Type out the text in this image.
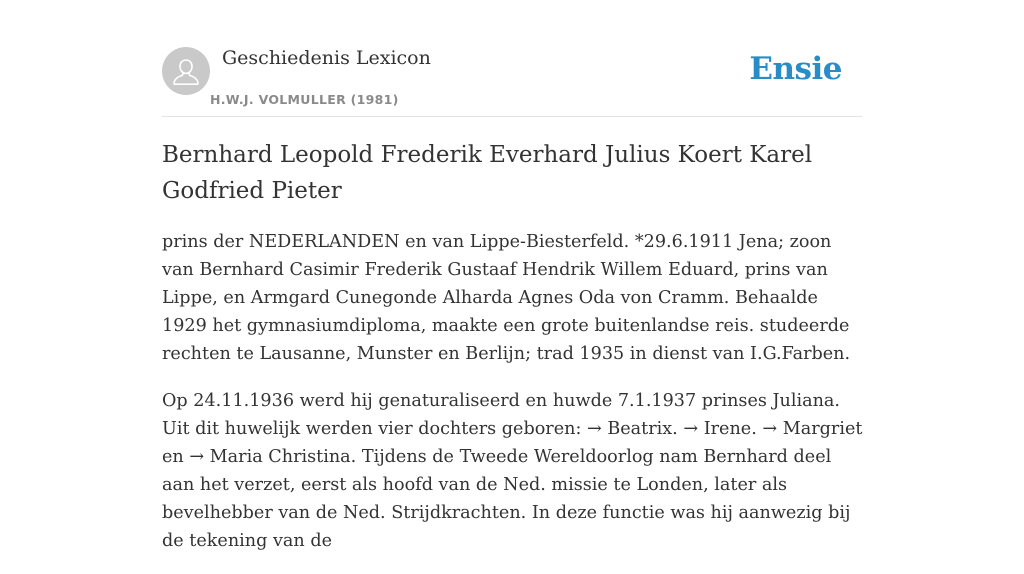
Geschiedenis Lexicon
H.W.J. VOLMULLER (1981)
Ensie
Bernhard Leopold Frederik Everhard Julius Koert Karel Godfried Pieter

prins der NEDERLANDEN en van Lippe-Biesterfeld. *29.6.1911 Jena; zoon van Bernhard Casimir Frederik Gustaaf Hendrik Willem Eduard, prins van Lippe, en Armgard Cunegonde Alharda Agnes Oda von Cramm. Behaalde 1929 het gymnasiumdiploma, maakte een grote buitenlandse reis. studeerde rechten te Lausanne, Munster en Berlijn; trad 1935 in dienst van I.G.Farben.

Op 24.11.1936 werd hij genaturaliseerd en huwde 7.1.1937 prinses Juliana. Uit dit huwelijk werden vier dochters geboren: → Beatrix. → Irene. → Margriet en → Maria Christina. Tijdens de Tweede Wereldoorlog nam Bernhard deel aan het verzet, eerst als hoofd van de Ned. missie te Londen, later als bevelhebber van de Ned. Strijdkrachten. In deze functie was hij aanwezig bij de tekening van de
